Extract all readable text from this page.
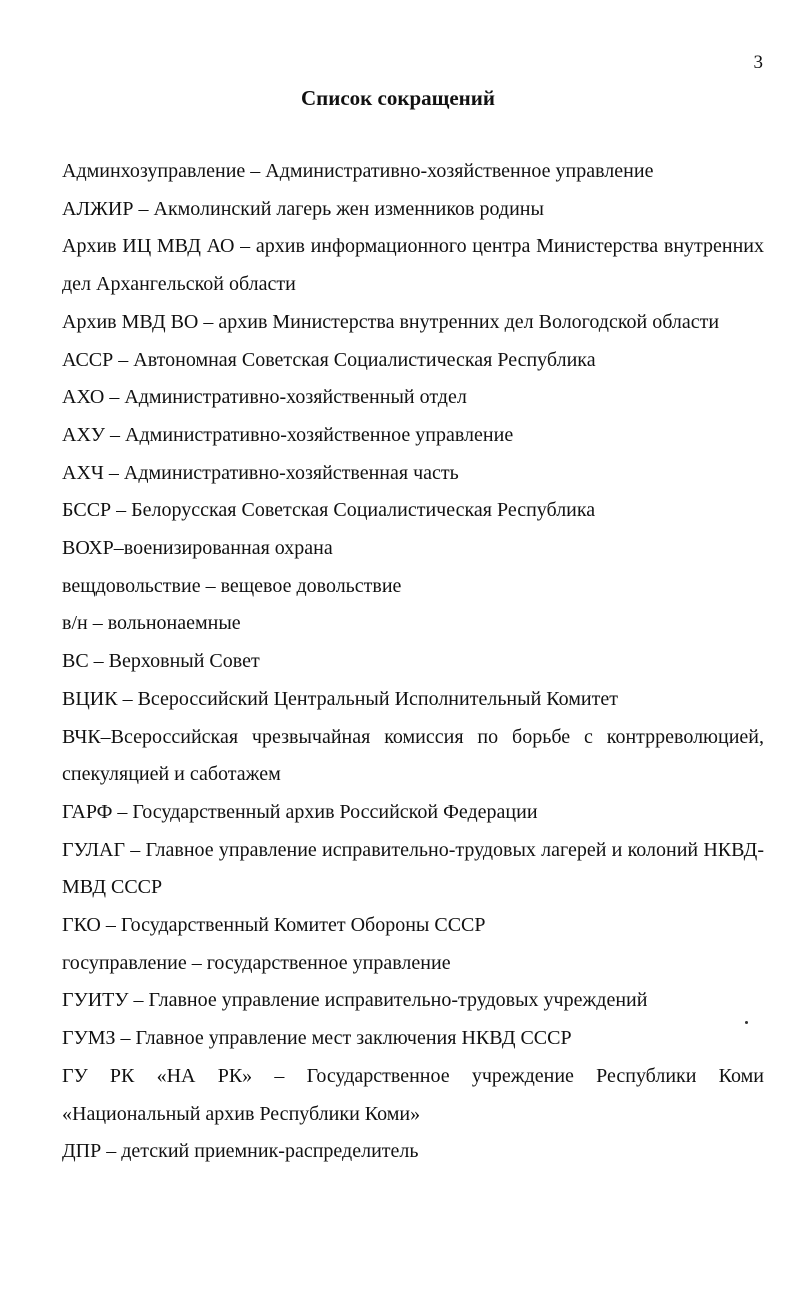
3
Список сокращений
Админхозуправление – Административно-хозяйственное управление
АЛЖИР – Акмолинский лагерь жен изменников родины
Архив ИЦ МВД АО – архив информационного центра Министерства внутренних дел Архангельской области
Архив МВД ВО – архив Министерства внутренних дел Вологодской области
АССР – Автономная Советская Социалистическая Республика
АХО – Административно-хозяйственный отдел
АХУ – Административно-хозяйственное управление
АХЧ – Административно-хозяйственная часть
БССР – Белорусская Советская Социалистическая Республика
ВОХР–военизированная охрана
вещдовольствие – вещевое довольствие
в/н – вольнонаемные
ВС – Верховный Совет
ВЦИК – Всероссийский Центральный Исполнительный Комитет
ВЧК–Всероссийская чрезвычайная комиссия по борьбе с контрреволюцией, спекуляцией и саботажем
ГАРФ – Государственный архив Российской Федерации
ГУЛАГ – Главное управление исправительно-трудовых лагерей и колоний НКВД-МВД СССР
ГКО – Государственный Комитет Обороны СССР
госуправление – государственное управление
ГУИТУ – Главное управление исправительно-трудовых учреждений
ГУМЗ – Главное управление мест заключения НКВД СССР
ГУ РК «НА РК» – Государственное учреждение Республики Коми «Национальный архив Республики Коми»
ДПР – детский приемник-распределитель
